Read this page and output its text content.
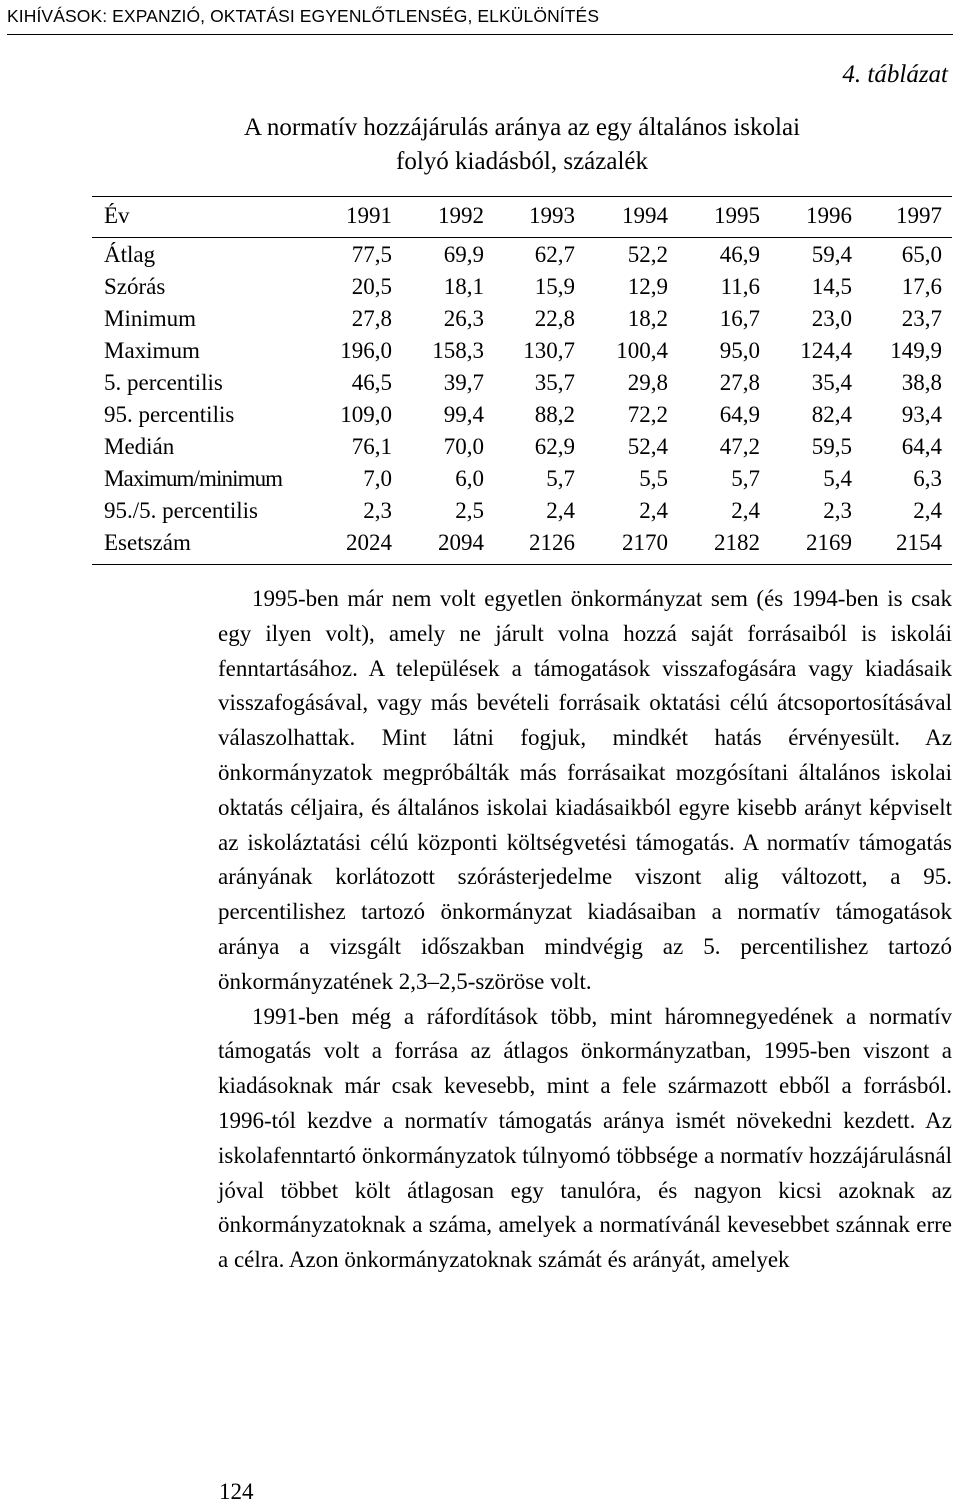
KIHÍVÁSOK: EXPANZIÓ, OKTATÁSI EGYENLŐTLENSÉG, ELKÜLÖNÍTÉS
4. táblázat
A normatív hozzájárulás aránya az egy általános iskolai
folyó kiadásból, százalék
Év	1991	1992	1993	1994	1995	1996	1997
Átlag	77,5	69,9	62,7	52,2	46,9	59,4	65,0
Szórás	20,5	18,1	15,9	12,9	11,6	14,5	17,6
Minimum	27,8	26,3	22,8	18,2	16,7	23,0	23,7
Maximum	196,0	158,3	130,7	100,4	95,0	124,4	149,9
5. percentilis	46,5	39,7	35,7	29,8	27,8	35,4	38,8
95. percentilis	109,0	99,4	88,2	72,2	64,9	82,4	93,4
Medián	76,1	70,0	62,9	52,4	47,2	59,5	64,4
Maximum/minimum	7,0	6,0	5,7	5,5	5,7	5,4	6,3
95./5. percentilis	2,3	2,5	2,4	2,4	2,4	2,3	2,4
Esetszám	2024	2094	2126	2170	2182	2169	2154

1995-ben már nem volt egyetlen önkormányzat sem (és 1994-ben is csak egy ilyen volt), amely ne járult volna hozzá saját forrásaiból is iskolái fenntartásához. A települések a támogatások visszafogására vagy kiadásaik visszafogásával, vagy más bevételi forrásaik oktatási célú átcsoportosításával válaszolhattak. Mint látni fogjuk, mindkét hatás érvényesült. Az önkormányzatok megpróbálták más forrásaikat mozgósítani általános iskolai oktatás céljaira, és általános iskolai kiadásaikból egyre kisebb arányt képviselt az iskoláztatási célú központi költségvetési támogatás. A normatív támogatás arányának korlátozott szórásterjedelme viszont alig változott, a 95. percentilishez tartozó önkormányzat kiadásaiban a normatív támogatások aránya a vizsgált időszakban mindvégig az 5. percentilishez tartozó önkormányzatének 2,3–2,5-szöröse volt.

1991-ben még a ráfordítások több, mint háromnegyedének a normatív támogatás volt a forrása az átlagos önkormányzatban, 1995-ben viszont a kiadásoknak már csak kevesebb, mint a fele származott ebből a forrásból. 1996-tól kezdve a normatív támogatás aránya ismét növekedni kezdett. Az iskolafenntartó önkormányzatok túlnyomó többsége a normatív hozzájárulásnál jóval többet költ átlagosan egy tanulóra, és nagyon kicsi azoknak az önkormányzatoknak a száma, amelyek a normatívánál kevesebbet szánnak erre a célra. Azon önkormányzatoknak számát és arányát, amelyek

124
